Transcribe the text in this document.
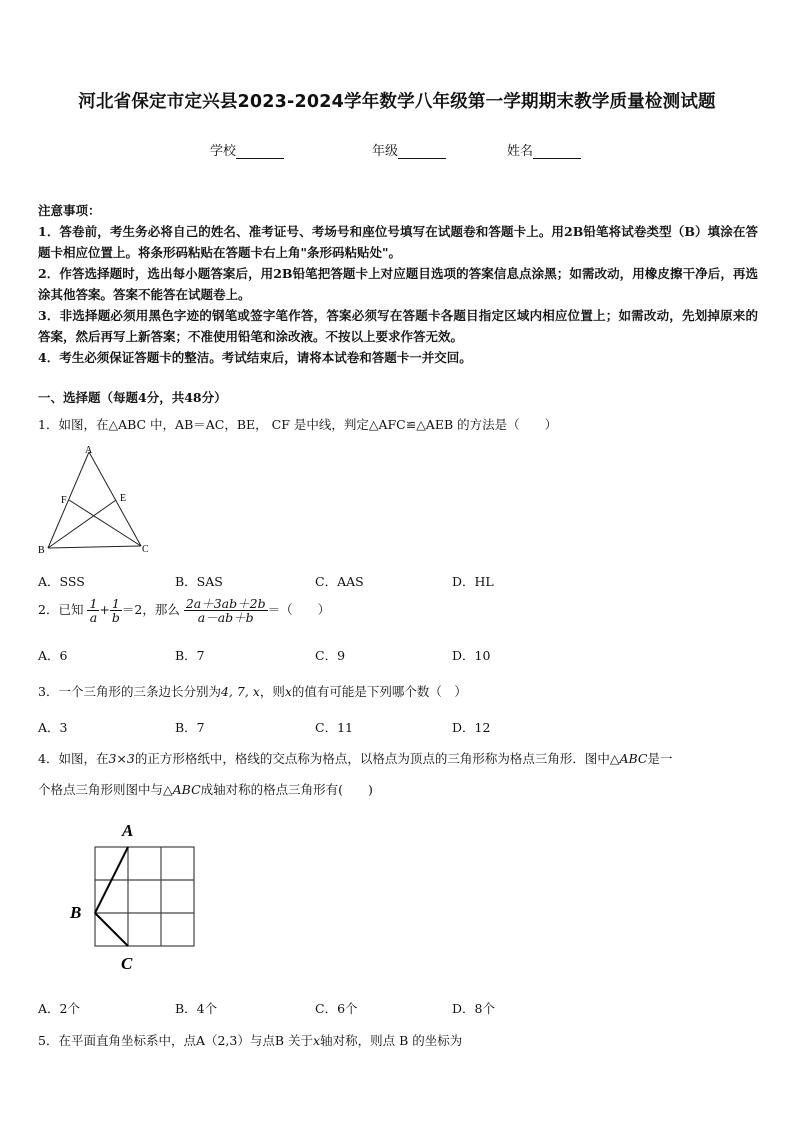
河北省保定市定兴县2023-2024学年数学八年级第一学期期末教学质量检测试题
学校	年级	姓名

注意事项：

1．答卷前，考生务必将自己的姓名、准考证号、考场号和座位号填写在试题卷和答题卡上。用2B铅笔将试卷类型（B）填涂在答题卡相应位置上。将条形码粘贴在答题卡右上角"条形码粘贴处"。

2．作答选择题时，选出每小题答案后，用2B铅笔把答题卡上对应题目选项的答案信息点涂黑；如需改动，用橡皮擦干净后，再选涂其他答案。答案不能答在试题卷上。

3．非选择题必须用黑色字迹的钢笔或签字笔作答，答案必须写在答题卡各题目指定区域内相应位置上；如需改动，先划掉原来的答案，然后再写上新答案；不准使用铅笔和涂改液。不按以上要求作答无效。

4．考生必须保证答题卡的整洁。考试结束后，请将本试卷和答题卡一并交回。

一、选择题（每题4分，共48分）
1．如图，在△ABC 中，AB＝AC，BE， CF 是中线，判定△AFC≌△AEB 的方法是（　　）
A
F	E
B	C
A．SSS	B．SAS	C．AAS	D．HL
2．已知 $\frac{1}{a} + \frac{1}{b} =2$，那么 $\frac{2a+3ab+2b}{a-ab+b}$ ＝（　　）
A．6	B．7	C．9	D．10
3．一个三角形的三条边长分别为4, 7, x，则x的值有可能是下列哪个数（　）
A．3	B．7	C．11	D．12
4．如图，在3×3的正方形格纸中，格线的交点称为格点，以格点为顶点的三角形称为格点三角形．图中△ABC是一
个格点三角形则图中与△ABC成轴对称的格点三角形有(　　)
A
B
C
A．2个	B．4个	C．6个	D．8个
5．在平面直角坐标系中，点A（2,3）与点B 关于x轴对称，则点 B 的坐标为
